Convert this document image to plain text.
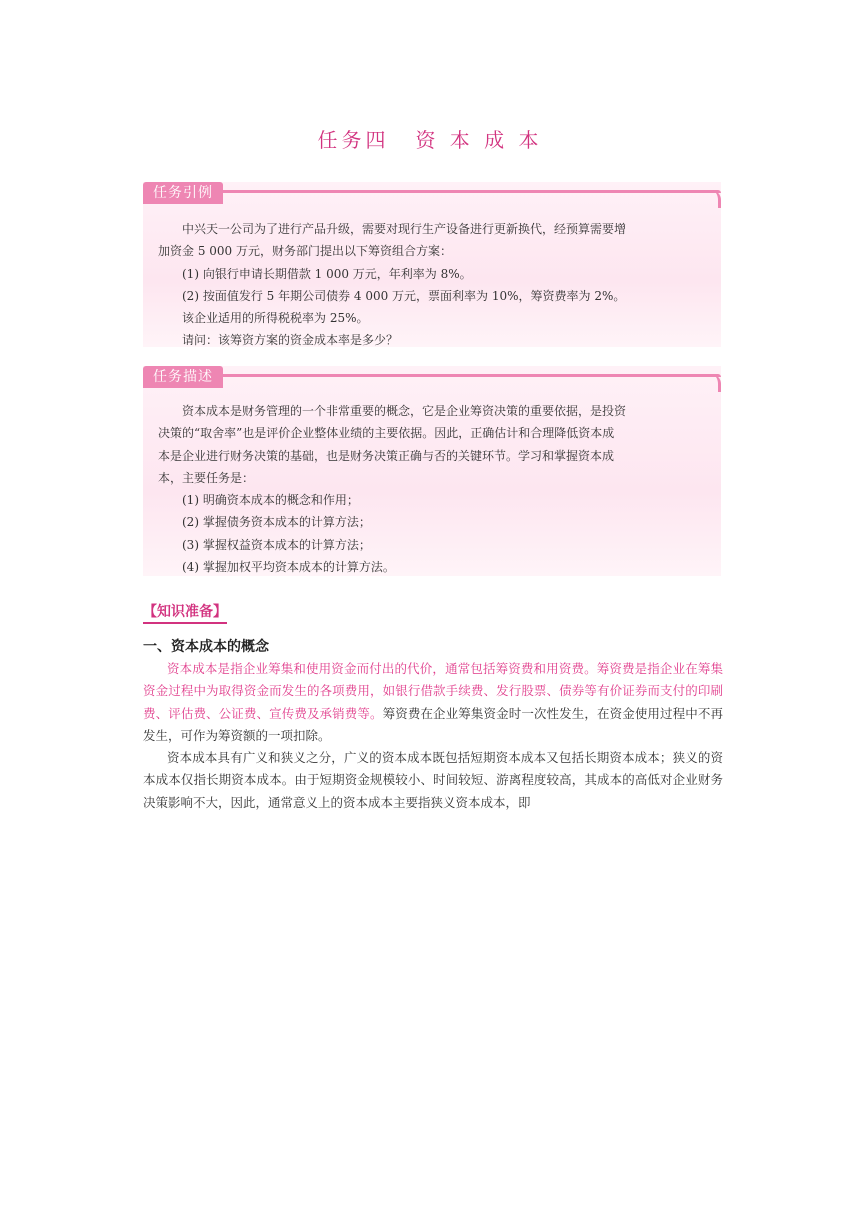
任务四 资 本 成 本
任务引例

中兴天一公司为了进行产品升级，需要对现行生产设备进行更新换代，经预算需要增

加资金 5 000 万元，财务部门提出以下筹资组合方案：

(1) 向银行申请长期借款 1 000 万元，年利率为 8%。

(2) 按面值发行 5 年期公司债券 4 000 万元，票面利率为 10%，筹资费率为 2%。

该企业适用的所得税税率为 25%。

请问：该筹资方案的资金成本率是多少？

任务描述

资本成本是财务管理的一个非常重要的概念，它是企业筹资决策的重要依据，是投资

决策的“取舍率”也是评价企业整体业绩的主要依据。因此，正确估计和合理降低资本成

本是企业进行财务决策的基础，也是财务决策正确与否的关键环节。学习和掌握资本成

本，主要任务是：

(1) 明确资本成本的概念和作用；

(2) 掌握债务资本成本的计算方法；

(3) 掌握权益资本成本的计算方法；

(4) 掌握加权平均资本成本的计算方法。

【知识准备】
一、资本成本的概念

资本成本是指企业筹集和使用资金而付出的代价，通常包括筹资费和用资费。筹资费是指企业在筹集资金过程中为取得资金而发生的各项费用，如银行借款手续费、发行股票、债券等有价证券而支付的印刷费、评估费、公证费、宣传费及承销费等。筹资费在企业筹集资金时一次性发生，在资金使用过程中不再发生，可作为筹资额的一项扣除。

资本成本具有广义和狭义之分，广义的资本成本既包括短期资本成本又包括长期资本成本；狭义的资本成本仅指长期资本成本。由于短期资金规模较小、时间较短、游离程度较高，其成本的高低对企业财务决策影响不大，因此，通常意义上的资本成本主要指狭义资本成本，即
